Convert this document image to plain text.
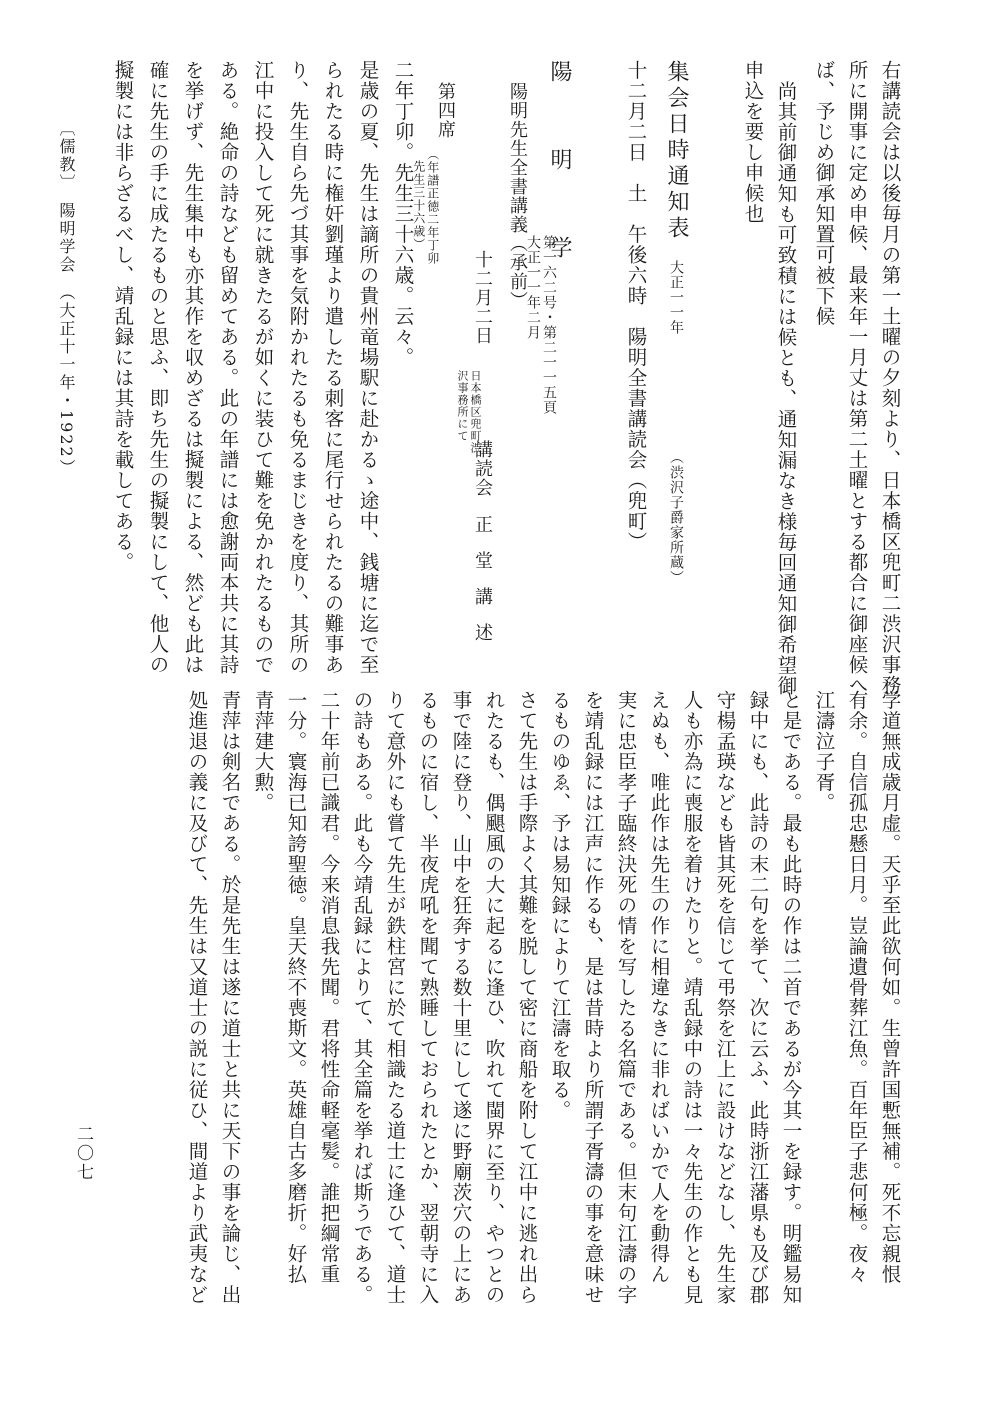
右講読会は以後毎月の第一土曜の夕刻より、日本橋区兜町二渋沢事務
所に開事に定め申候、最来年一月丈は第二土曜とする都合に御座候へ
ば、予じめ御承知置可被下候
尚其前御通知も可致積には候とも、通知漏なき様毎回通知御希望御
申込を要し申候也
集会日時通知表
大正一一年
（渋沢子爵家所蔵）
十二月二日　土　午後六時　陽明全書講読会（兜町）
陽　明　学
第一六二号・第二一一五頁
大正一一年二月
陽明先生全書講義（承前）
十二月二日
日本橋区兜町渋
沢事務所にて
講読会
正堂講述
第四席
（年譜正徳二年丁卯
先生三十六歳）
二年丁卯。先生三十六歳。云々。
是歳の夏、先生は謫所の貴州竜場駅に赴かるゝ途中、銭塘に迄で至
られたる時に権奸劉瑾より遣したる刺客に尾行せられたるの難事あ
り、先生自ら先づ其事を気附かれたるも免るまじきを度り、其所の
江中に投入して死に就きたるが如くに装ひて難を免かれたるもので
ある。絶命の詩なども留めてある。此の年譜には愈謝両本共に其詩
を挙げず、先生集中も亦其作を収めざるは擬製による、然ども此は
確に先生の手に成たるものと思ふ、即ち先生の擬製にして、他人の
擬製には非らざるべし、靖乱録には其詩を載してある。
〔儒教〕　陽明学会　（大正十一年・1922）
学道無成歳月虚。天乎至此欲何如。生曾許国慙無補。死不忘親恨
有余。自信孤忠懸日月。豈論遺骨葬江魚。百年臣子悲何極。夜々
江濤泣子胥。
と是である。最も此時の作は二首であるが今其一を録す。明鑑易知
録中にも、此詩の末二句を挙て、次に云ふ、此時浙江藩県も及び郡
守楊孟瑛なども皆其死を信じて弔祭を江上に設けなどなし、先生家
人も亦為に喪服を着けたりと。靖乱録中の詩は一々先生の作とも見
えぬも、唯此作は先生の作に相違なきに非ればいかで人を動得ん
実に忠臣孝子臨終決死の情を写したる名篇である。但末句江濤の字
を靖乱録には江声に作るも、是は昔時より所謂子胥濤の事を意味せ
るものゆゑ、予は易知録によりて江濤を取る。
さて先生は手際よく其難を脱して密に商船を附して江中に逃れ出ら
れたるも、偶颶風の大に起るに逢ひ、吹れて閩界に至り、やつとの
事で陸に登り、山中を狂奔する数十里にして遂に野廟茨穴の上にあ
るものに宿し、半夜虎吼を聞て熟睡しておられたとか、翌朝寺に入
りて意外にも嘗て先生が鉄柱宮に於て相識たる道士に逢ひて、道士
の詩もある。此も今靖乱録によりて、其全篇を挙れば斯うである。
二十年前已識君。今来消息我先聞。君将性命軽毫髪。誰把綱常重
一分。寰海已知誇聖徳。皇天終不喪斯文。英雄自古多磨折。好払
青萍建大勲。
青萍は剣名である。於是先生は遂に道士と共に天下の事を論じ、出
処進退の義に及びて、先生は又道士の説に従ひ、間道より武夷など
二〇七
